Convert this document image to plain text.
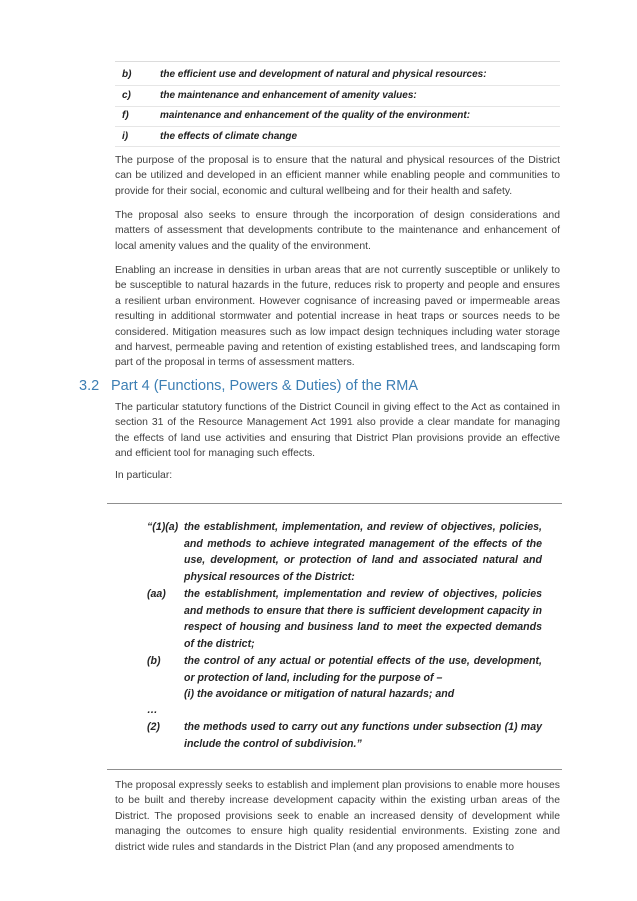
b)	the efficient use and development of natural and physical resources:
c)	the maintenance and enhancement of amenity values:
f)	maintenance and enhancement of the quality of the environment:
i)	the effects of climate change

The purpose of the proposal is to ensure that the natural and physical resources of the District can be utilized and developed in an efficient manner while enabling people and communities to provide for their social, economic and cultural wellbeing and for their health and safety.

The proposal also seeks to ensure through the incorporation of design considerations and matters of assessment that developments contribute to the maintenance and enhancement of local amenity values and the quality of the environment.

Enabling an increase in densities in urban areas that are not currently susceptible or unlikely to be susceptible to natural hazards in the future, reduces risk to property and people and ensures a resilient urban environment. However cognisance of increasing paved or impermeable areas resulting in additional stormwater and potential increase in heat traps or sources needs to be considered. Mitigation measures such as low impact design techniques including water storage and harvest, permeable paving and retention of existing established trees, and landscaping form part of the proposal in terms of assessment matters.

3.2 Part 4 (Functions, Powers & Duties) of the RMA

The particular statutory functions of the District Council in giving effect to the Act as contained in section 31 of the Resource Management Act 1991 also provide a clear mandate for managing the effects of land use activities and ensuring that District Plan provisions provide an effective and efficient tool for managing such effects.

In particular:

“(1)(a) the establishment, implementation, and review of objectives, policies, and methods to achieve integrated management of the effects of the use, development, or protection of land and associated natural and physical resources of the District:
(aa) the establishment, implementation and review of objectives, policies and methods to ensure that there is sufficient development capacity in respect of housing and business land to meet the expected demands of the district;
(b) the control of any actual or potential effects of the use, development, or protection of land, including for the purpose of –
(i) the avoidance or mitigation of natural hazards; and
…
(2) the methods used to carry out any functions under subsection (1) may include the control of subdivision.”

The proposal expressly seeks to establish and implement plan provisions to enable more houses to be built and thereby increase development capacity within the existing urban areas of the District. The proposed provisions seek to enable an increased density of development while managing the outcomes to ensure high quality residential environments. Existing zone and district wide rules and standards in the District Plan (and any proposed amendments to
